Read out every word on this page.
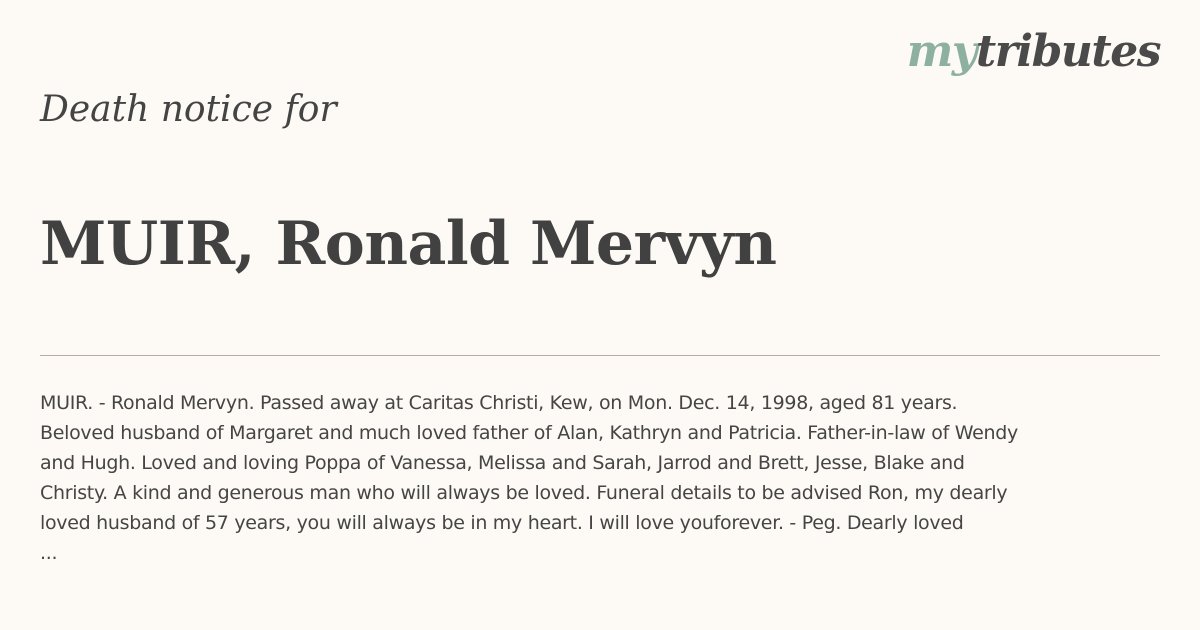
mytributes
Death notice for
MUIR, Ronald Mervyn
MUIR. - Ronald Mervyn. Passed away at Caritas Christi, Kew, on Mon. Dec. 14, 1998, aged 81 years.
Beloved husband of Margaret and much loved father of Alan, Kathryn and Patricia. Father-in-law of Wendy
and Hugh. Loved and loving Poppa of Vanessa, Melissa and Sarah, Jarrod and Brett, Jesse, Blake and
Christy. A kind and generous man who will always be loved. Funeral details to be advised Ron, my dearly
loved husband of 57 years, you will always be in my heart. I will love youforever. - Peg. Dearly loved
...
